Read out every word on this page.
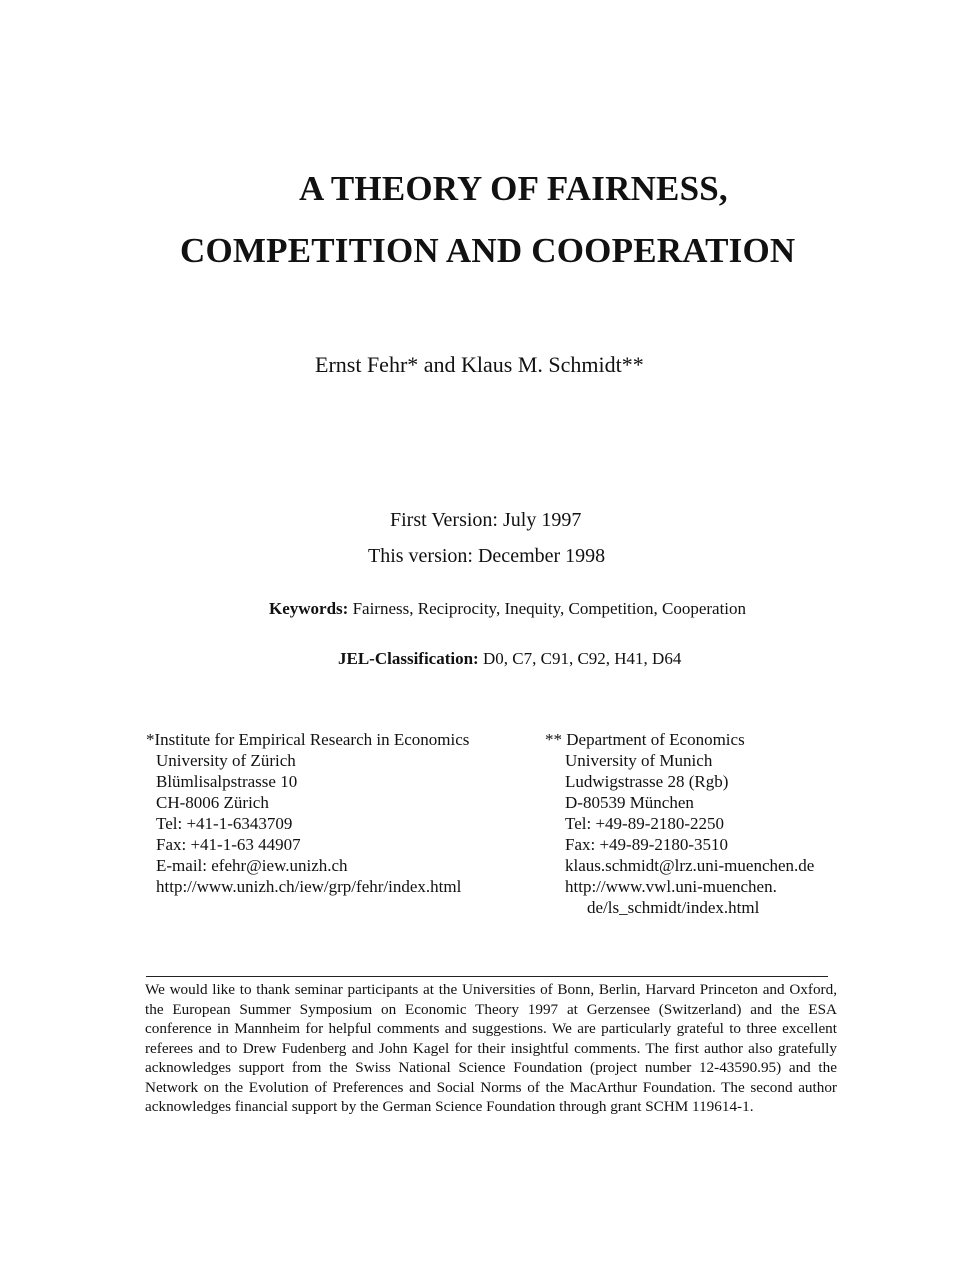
A THEORY OF FAIRNESS,
COMPETITION AND COOPERATION
Ernst Fehr* and Klaus M. Schmidt**
First Version: July 1997
This version: December 1998
Keywords: Fairness, Reciprocity, Inequity, Competition, Cooperation
JEL-Classification: D0, C7, C91, C92, H41, D64
*Institute for Empirical Research in Economics
University of Zürich
Blümlisalpstrasse 10
CH-8006 Zürich
Tel: +41-1-6343709
Fax: +41-1-63 44907
E-mail: efehr@iew.unizh.ch
http://www.unizh.ch/iew/grp/fehr/index.html
** Department of Economics
University of Munich
Ludwigstrasse 28 (Rgb)
D-80539 München
Tel: +49-89-2180-2250
Fax: +49-89-2180-3510
klaus.schmidt@lrz.uni-muenchen.de
http://www.vwl.uni-muenchen.
de/ls_schmidt/index.html
We would like to thank seminar participants at the Universities of Bonn, Berlin, Harvard Princeton and Oxford, the European Summer Symposium on Economic Theory 1997 at Gerzensee (Switzerland) and the ESA conference in Mannheim for helpful comments and suggestions. We are particularly grateful to three excellent referees and to Drew Fudenberg and John Kagel for their insightful comments. The first author also gratefully acknowledges support from the Swiss National Science Foundation (project number 12-43590.95) and the Network on the Evolution of Preferences and Social Norms of the MacArthur Foundation. The second author acknowledges financial support by the German Science Foundation through grant SCHM 119614-1.
